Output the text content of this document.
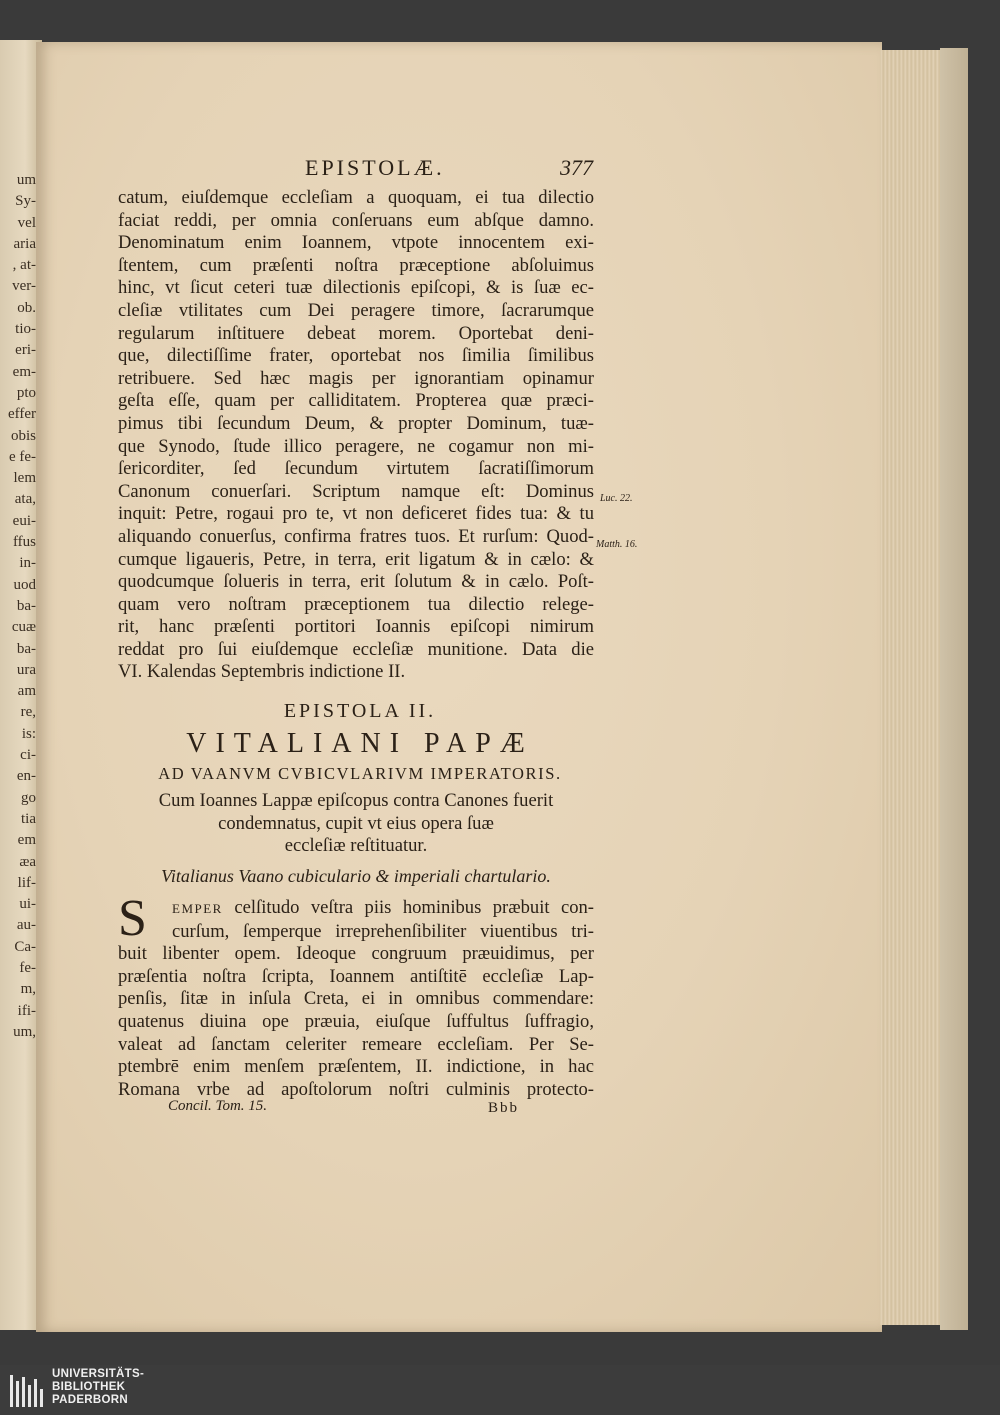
um
Sy-
vel
aria
, at-
ver-
ob.
tio-
eri-
em-
pto
effer
obis
e fe-
lem
ata,
eui-
ffus
in-
uod
ba-
cuæ
ba-
ura
am
re,
is:
ci-
en-
go
tia
em
æa
lif-
ui-
au-
Ca-
fe-
m,
ifi-
um,
EPISTOLÆ.	377
catum, eiuſdemque eccleſiam a quoquam, ei tua dilectio
faciat reddi, per omnia conſeruans eum abſque damno.
Denominatum enim Ioannem, vtpote innocentem exi-
ſtentem, cum præſenti noſtra præceptione abſoluimus
hinc, vt ſicut ceteri tuæ dilectionis epiſcopi, & is ſuæ ec-
cleſiæ vtilitates cum Dei peragere timore, ſacrarumque
regularum inſtituere debeat morem. Oportebat deni-
que, dilectiſſime frater, oportebat nos ſimilia ſimilibus
retribuere. Sed hæc magis per ignorantiam opinamur
geſta eſſe, quam per calliditatem. Propterea quæ præci-
pimus tibi ſecundum Deum, & propter Dominum, tuæ-
que Synodo, ſtude illico peragere, ne cogamur non mi-
ſericorditer, ſed ſecundum virtutem ſacratiſſimorum
Canonum conuerſari. Scriptum namque eſt: Dominus
inquit: Petre, rogaui pro te, vt non deficeret fides tua: & tu
aliquando conuerſus, confirma fratres tuos. Et rurſum: Quod-
cumque ligaueris, Petre, in terra, erit ligatum & in cælo: &
quodcumque ſolueris in terra, erit ſolutum & in cælo. Poſt-
quam vero noſtram præceptionem tua dilectio relege-
rit, hanc præſenti portitori Ioannis epiſcopi nimirum
reddat pro ſui eiuſdemque eccleſiæ munitione. Data die
VI. Kalendas Septembris indictione II.
Luc. 22.
Matth. 16.
EPISTOLA II.
VITALIANI PAPÆ
AD VAANVM CVBICVLARIVM IMPERATORIS.
Cum Ioannes Lappæ epiſcopus contra Canones fuerit
condemnatus, cupit vt eius opera ſuæ
eccleſiæ reſtituatur.
Vitalianus Vaano cubiculario & imperiali chartulario.
S	EMPER celſitudo veſtra piis hominibus præbuit con-
curſum, ſemperque irreprehenſibiliter viuentibus tri-
buit libenter opem. Ideoque congruum præuidimus, per
præſentia noſtra ſcripta, Ioannem antiſtitē eccleſiæ Lap-
penſis, ſitæ in inſula Creta, ei in omnibus commendare:
quatenus diuina ope præuia, eiuſque ſuffultus ſuffragio,
valeat ad ſanctam celeriter remeare eccleſiam. Per Se-
ptembrē enim menſem præſentem, II. indictione, in hac
Romana vrbe ad apoſtolorum noſtri culminis protecto-
Concil. Tom. 15.	Bbb
UNIVERSITÄTS-
BIBLIOTHEK
PADERBORN
